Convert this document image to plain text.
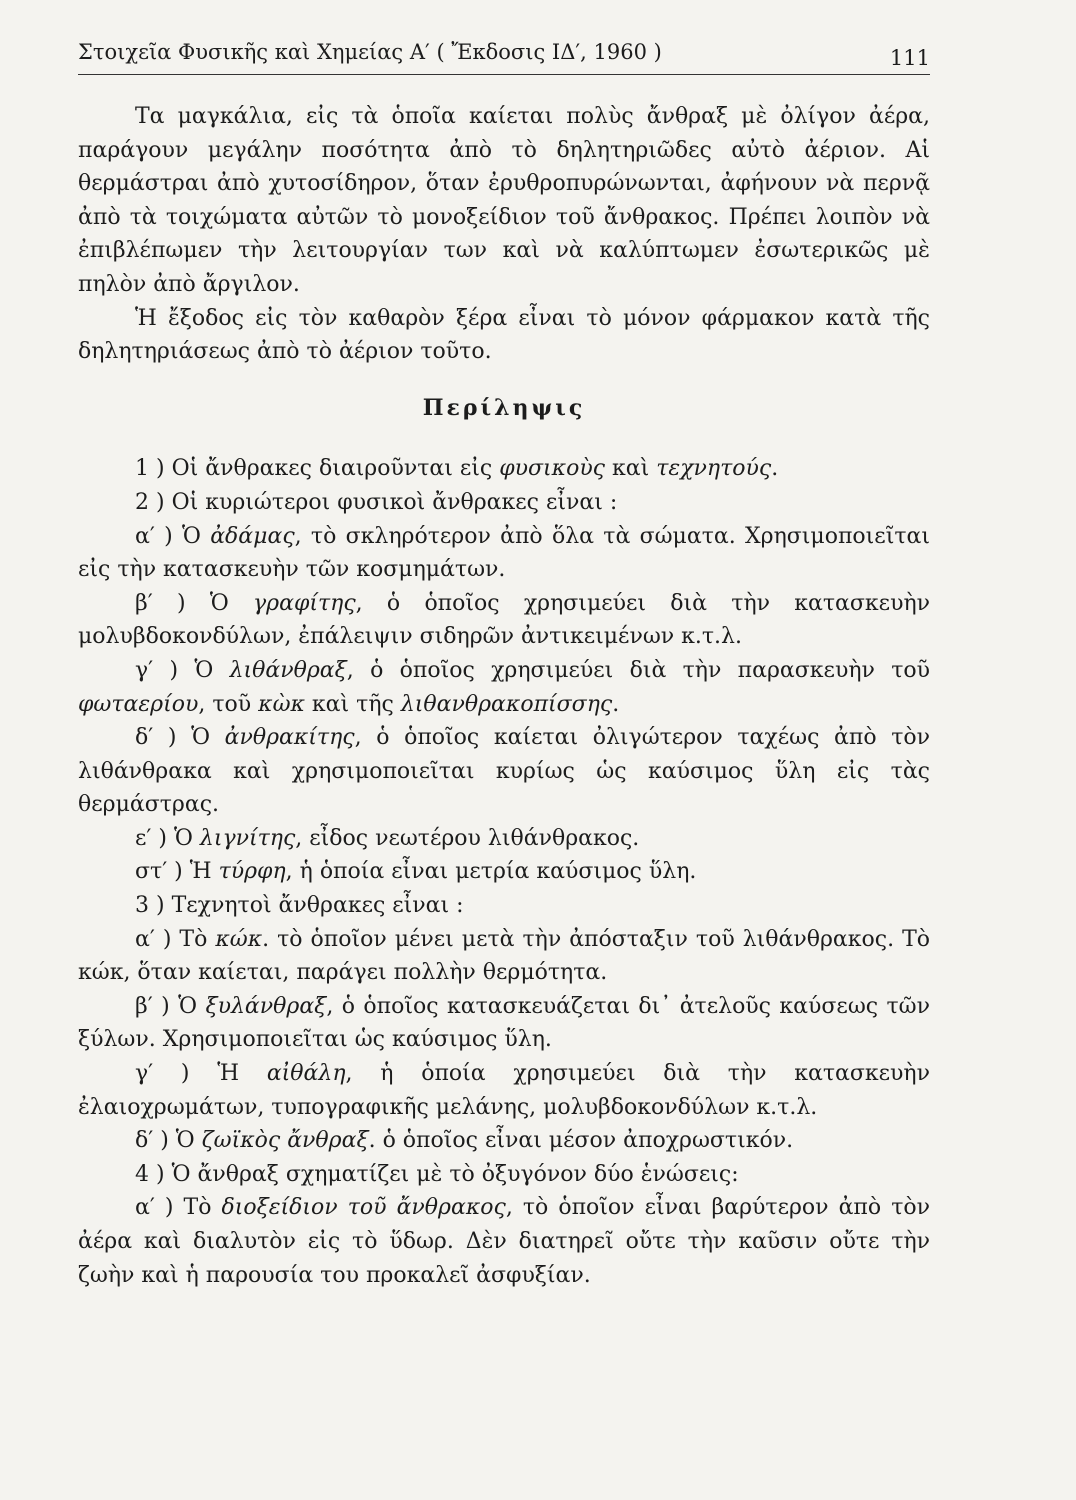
Στοιχεῖα Φυσικῆς καὶ Χημείας Α′ ( Ἔκδοσις ΙΔ′, 1960 )	111

Τα μαγκάλια, εἰς τὰ ὁποῖα καίεται πολὺς ἄνθραξ μὲ ὀλίγον ἀέρα, παράγουν μεγάλην ποσότητα ἀπὸ τὸ δηλητηριῶδες αὐτὸ ἀέριον. Αἱ θερμάστραι ἀπὸ χυτοσίδηρον, ὅταν ἐρυθροπυρώνωνται, ἀφήνουν νὰ περνᾷ ἀπὸ τὰ τοιχώματα αὐτῶν τὸ μονοξείδιον τοῦ ἄνθρακος. Πρέπει λοιπὸν νὰ ἐπιβλέπωμεν τὴν λειτουργίαν των καὶ νὰ καλύπτωμεν ἐσωτερικῶς μὲ πηλὸν ἀπὸ ἄργιλον.

Ἡ ἔξοδος εἰς τὸν καθαρὸν ξέρα εἶναι τὸ μόνον φάρμακον κατὰ τῆς δηλητηριάσεως ἀπὸ τὸ ἀέριον τοῦτο.

Περίληψις

1 ) Οἱ ἄνθρακες διαιροῦνται εἰς φυσικοὺς καὶ τεχνητούς.

2 ) Οἱ κυριώτεροι φυσικοὶ ἄνθρακες εἶναι :

α′ ) Ὁ ἀδάμας, τὸ σκληρότερον ἀπὸ ὅλα τὰ σώματα. Χρησιμοποιεῖται εἰς τὴν κατασκευὴν τῶν κοσμημάτων.

β′ ) Ὁ γραφίτης, ὁ ὁποῖος χρησιμεύει διὰ τὴν κατασκευὴν μολυβδοκονδύλων, ἐπάλειψιν σιδηρῶν ἀντικειμένων κ.τ.λ.

γ′ ) Ὁ λιθάνθραξ, ὁ ὁποῖος χρησιμεύει διὰ τὴν παρασκευὴν τοῦ φωταερίου, τοῦ κὼκ καὶ τῆς λιθανθρακοπίσσης.

δ′ ) Ὁ ἀνθρακίτης, ὁ ὁποῖος καίεται ὀλιγώτερον ταχέως ἀπὸ τὸν λιθάνθρακα καὶ χρησιμοποιεῖται κυρίως ὡς καύσιμος ὕλη εἰς τὰς θερμάστρας.

ε′ ) Ὁ λιγνίτης, εἶδος νεωτέρου λιθάνθρακος.

στ′ ) Ἡ τύρφη, ἡ ὁποία εἶναι μετρία καύσιμος ὕλη.

3 ) Τεχνητοὶ ἄνθρακες εἶναι :

α′ ) Τὸ κώκ. τὸ ὁποῖον μένει μετὰ τὴν ἀπόσταξιν τοῦ λιθάνθρακος. Τὸ κώκ, ὅταν καίεται, παράγει πολλὴν θερμότητα.

β′ ) Ὁ ξυλάνθραξ, ὁ ὁποῖος κατασκευάζεται δι᾽ ἀτελοῦς καύσεως τῶν ξύλων. Χρησιμοποιεῖται ὡς καύσιμος ὕλη.

γ′ ) Ἡ αἰθάλη, ἡ ὁποία χρησιμεύει διὰ τὴν κατασκευὴν ἐλαιοχρωμάτων, τυπογραφικῆς μελάνης, μολυβδοκονδύλων κ.τ.λ.

δ′ ) Ὁ ζωϊκὸς ἄνθραξ. ὁ ὁποῖος εἶναι μέσον ἀποχρωστικόν.

4 ) Ὁ ἄνθραξ σχηματίζει μὲ τὸ ὀξυγόνον δύο ἑνώσεις:

α′ ) Τὸ διοξείδιον τοῦ ἄνθρακος, τὸ ὁποῖον εἶναι βαρύτερον ἀπὸ τὸν ἀέρα καὶ διαλυτὸν εἰς τὸ ὕδωρ. Δὲν διατηρεῖ οὔτε τὴν καῦσιν οὔτε τὴν ζωὴν καὶ ἡ παρουσία του προκαλεῖ ἀσφυξίαν.
